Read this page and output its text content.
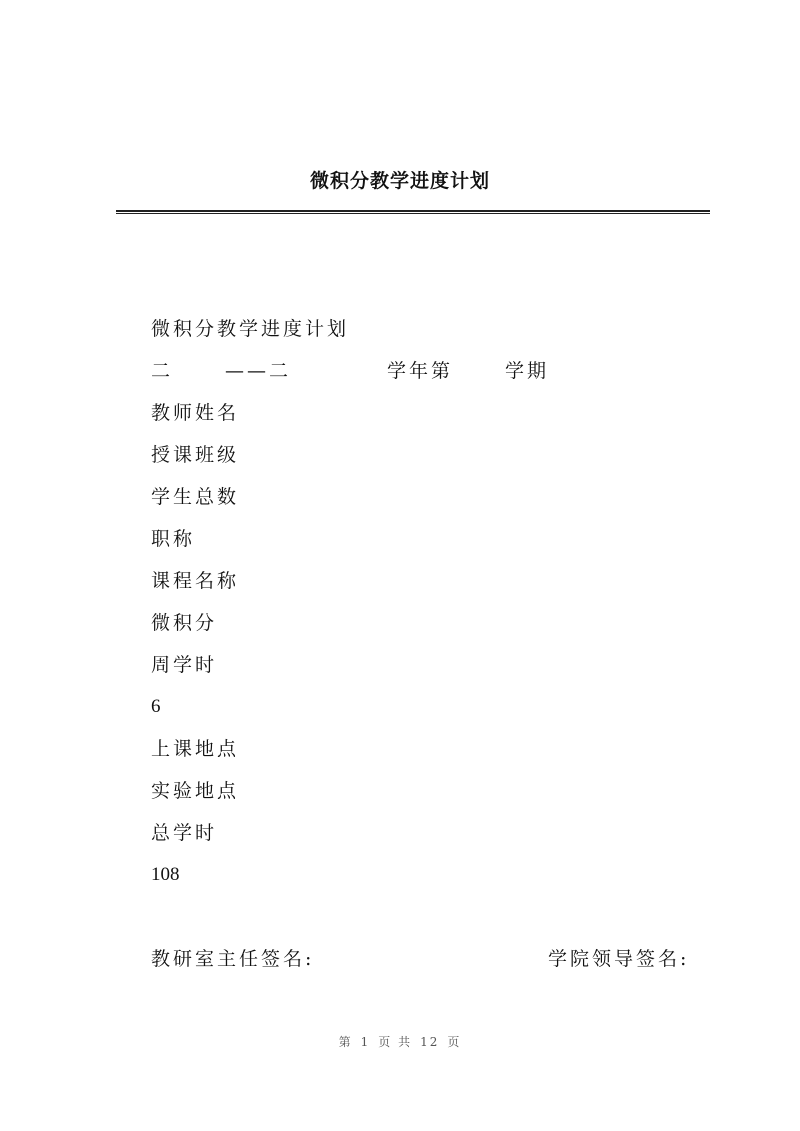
微积分教学进度计划
微积分教学进度计划
二	——二	学年第	学期
教师姓名
授课班级
学生总数
职称
课程名称
微积分
周学时
6
上课地点
实验地点
总学时
108
教研室主任签名:	学院领导签名:
第 1 页 共 12 页
